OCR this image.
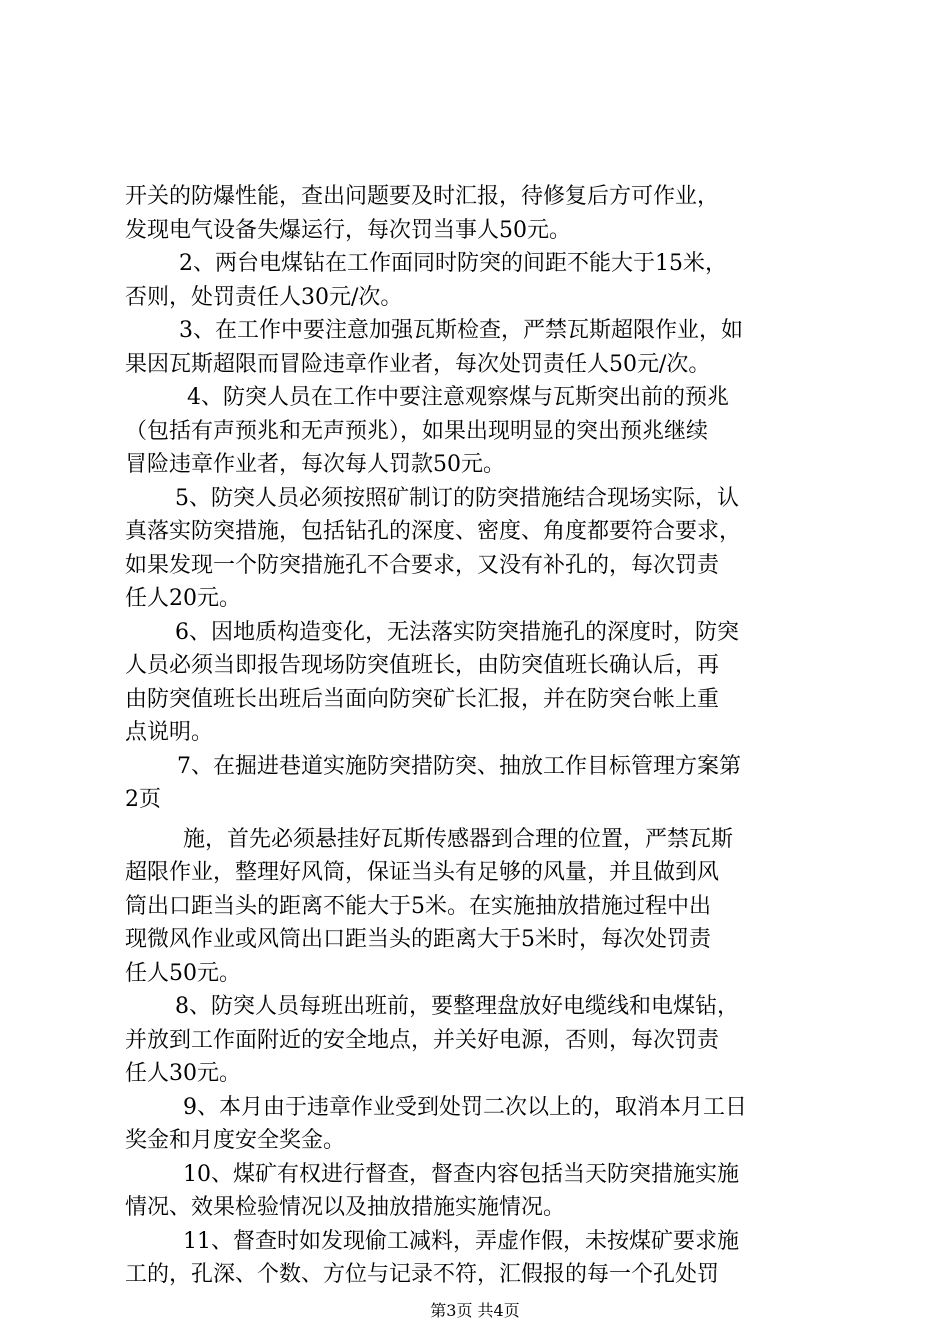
开关的防爆性能，查出问题要及时汇报，待修复后方可作业，
发现电气设备失爆运行，每次罚当事人50元。
2、两台电煤钻在工作面同时防突的间距不能大于15米，
否则，处罚责任人30元/次。
3、在工作中要注意加强瓦斯检查，严禁瓦斯超限作业，如
果因瓦斯超限而冒险违章作业者，每次处罚责任人50元/次。
4、防突人员在工作中要注意观察煤与瓦斯突出前的预兆
（包括有声预兆和无声预兆），如果出现明显的突出预兆继续
冒险违章作业者，每次每人罚款50元。
5、防突人员必须按照矿制订的防突措施结合现场实际，认
真落实防突措施，包括钻孔的深度、密度、角度都要符合要求，
如果发现一个防突措施孔不合要求，又没有补孔的，每次罚责
任人20元。
6、因地质构造变化，无法落实防突措施孔的深度时，防突
人员必须当即报告现场防突值班长，由防突值班长确认后，再
由防突值班长出班后当面向防突矿长汇报，并在防突台帐上重
点说明。
7、在掘进巷道实施防突措防突、抽放工作目标管理方案第
2页
施，首先必须悬挂好瓦斯传感器到合理的位置，严禁瓦斯
超限作业，整理好风筒，保证当头有足够的风量，并且做到风
筒出口距当头的距离不能大于5米。在实施抽放措施过程中出
现微风作业或风筒出口距当头的距离大于5米时，每次处罚责
任人50元。
8、防突人员每班出班前，要整理盘放好电缆线和电煤钻，
并放到工作面附近的安全地点，并关好电源，否则，每次罚责
任人30元。
9、本月由于违章作业受到处罚二次以上的，取消本月工日
奖金和月度安全奖金。
第3页 共4页
10、煤矿有权进行督查，督查内容包括当天防突措施实施
情况、效果检验情况以及抽放措施实施情况。
11、督查时如发现偷工减料，弄虚作假，未按煤矿要求施
工的，孔深、个数、方位与记录不符，汇假报的每一个孔处罚
